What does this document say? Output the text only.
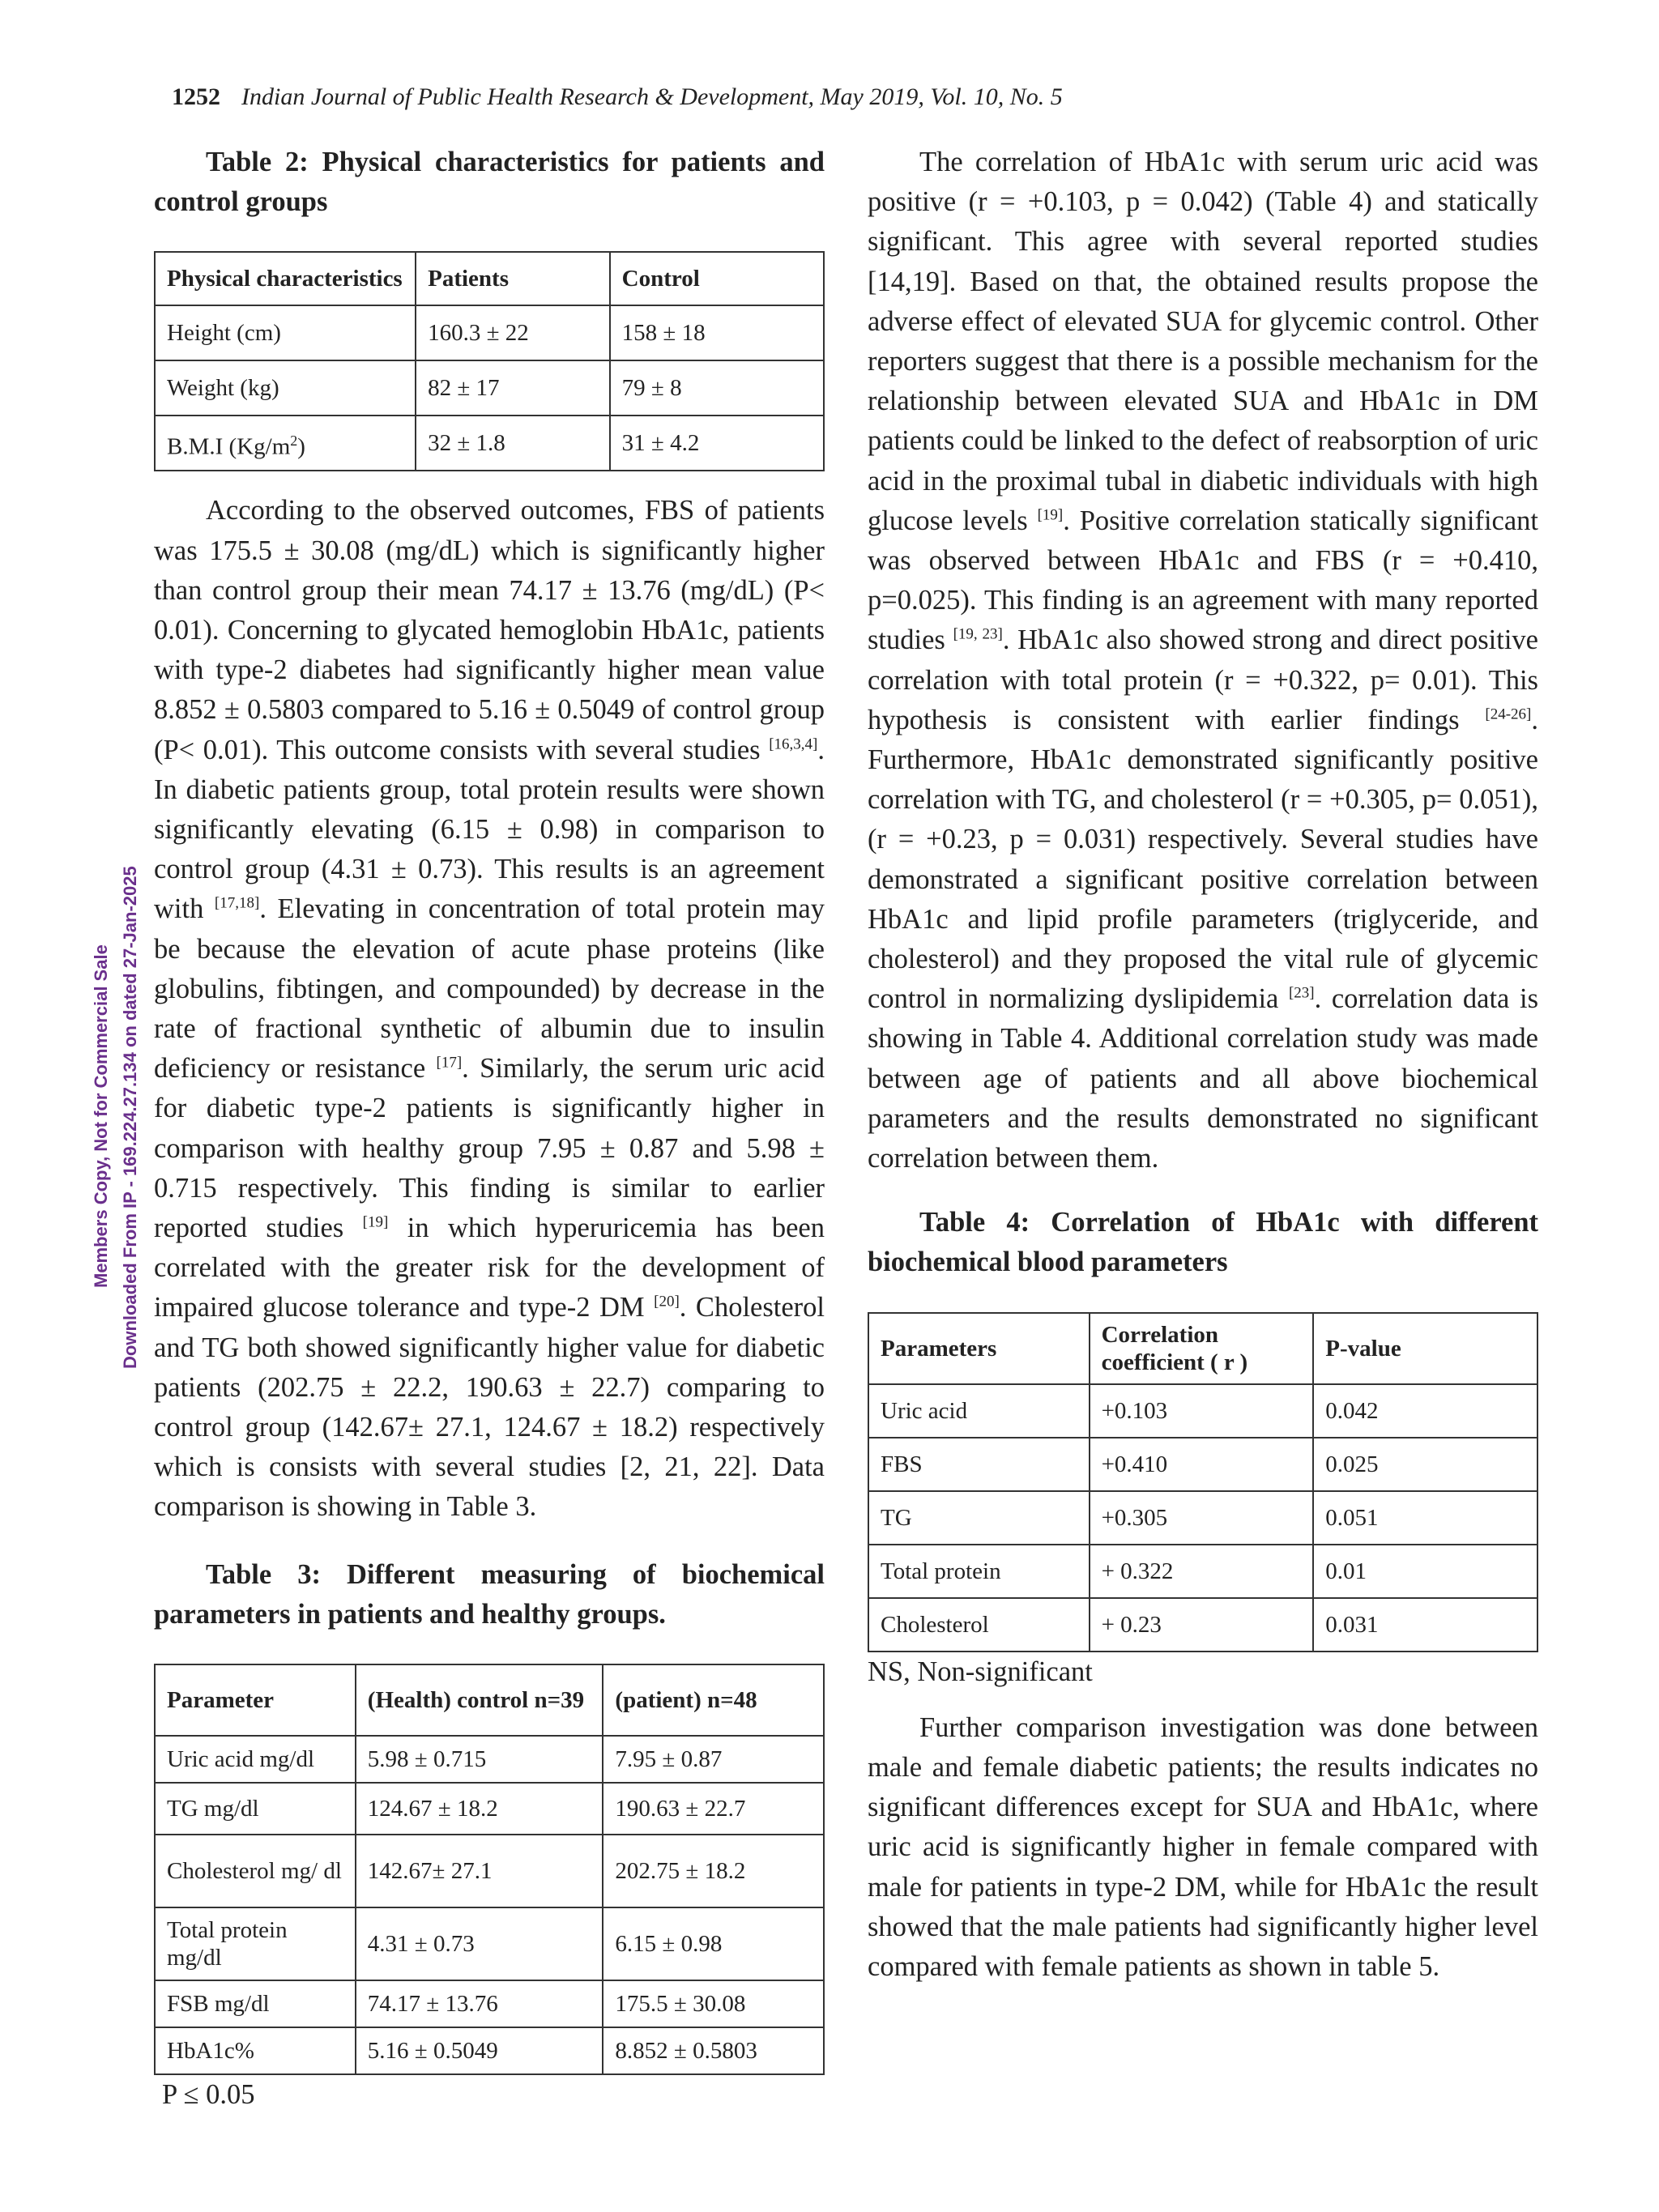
1252 Indian Journal of Public Health Research & Development, May 2019, Vol. 10, No. 5
Members Copy, Not for Commercial Sale Downloaded From IP - 169.224.27.134 on dated 27-Jan-2025

Table 2: Physical characteristics for patients and control groups

Physical characteristics	Patients	Control
Height (cm)	160.3 ± 22	158 ± 18
Weight (kg)	82 ± 17	79 ± 8
B.M.I $(Kg/m^2)$	32 ± 1.8	31 ± 4.2

According to the observed outcomes, FBS of patients was 175.5 ± 30.08 (mg/dL) which is significantly higher than control group their mean 74.17 ± 13.76 (mg/dL) (P< 0.01). Concerning to glycated hemoglobin HbA1c, patients with type-2 diabetes had significantly higher mean value 8.852 ± 0.5803 compared to 5.16 ± 0.5049 of control group (P< 0.01). This outcome consists with several studies [16,3,4]. In diabetic patients group, total protein results were shown significantly elevating (6.15 ± 0.98) in comparison to control group (4.31 ± 0.73). This results is an agreement with [17,18]. Elevating in concentration of total protein may be because the elevation of acute phase proteins (like globulins, fibtingen, and compounded) by decrease in the rate of fractional synthetic of albumin due to insulin deficiency or resistance [17]. Similarly, the serum uric acid for diabetic type-2 patients is significantly higher in comparison with healthy group 7.95 ± 0.87 and 5.98 ± 0.715 respectively. This finding is similar to earlier reported studies [19] in which hyperuricemia has been correlated with the greater risk for the development of impaired glucose tolerance and type-2 DM [20]. Cholesterol and TG both showed significantly higher value for diabetic patients (202.75 ± 22.2, 190.63 ± 22.7) comparing to control group (142.67± 27.1, 124.67 ± 18.2) respectively which is consists with several studies [2, 21, 22]. Data comparison is showing in Table 3.

Table 3: Different measuring of biochemical parameters in patients and healthy groups.

Parameter	(Health) control n=39	(patient) n=48
Uric acid mg/dl	5.98 ± 0.715	7.95 ± 0.87
TG mg/dl	124.67 ± 18.2	190.63 ± 22.7
Cholesterol mg/ dl	142.67± 27.1	202.75 ± 18.2
Total protein mg/dl	4.31 ± 0.73	6.15 ± 0.98
FSB mg/dl	74.17 ± 13.76	175.5 ± 30.08
HbA1c%	5.16 ± 0.5049	8.852 ± 0.5803

P ≤ 0.05

The correlation of HbA1c with serum uric acid was positive (r = +0.103, p = 0.042) (Table 4) and statically significant. This agree with several reported studies [14,19]. Based on that, the obtained results propose the adverse effect of elevated SUA for glycemic control. Other reporters suggest that there is a possible mechanism for the relationship between elevated SUA and HbA1c in DM patients could be linked to the defect of reabsorption of uric acid in the proximal tubal in diabetic individuals with high glucose levels [19]. Positive correlation statically significant was observed between HbA1c and FBS (r = +0.410, p=0.025). This finding is an agreement with many reported studies [19, 23]. HbA1c also showed strong and direct positive correlation with total protein (r = +0.322, p= 0.01). This hypothesis is consistent with earlier findings [24-26]. Furthermore, HbA1c demonstrated significantly positive correlation with TG, and cholesterol (r = +0.305, p= 0.051), (r = +0.23, p = 0.031) respectively. Several studies have demonstrated a significant positive correlation between HbA1c and lipid profile parameters (triglyceride, and cholesterol) and they proposed the vital rule of glycemic control in normalizing dyslipidemia [23]. correlation data is showing in Table 4. Additional correlation study was made between age of patients and all above biochemical parameters and the results demonstrated no significant correlation between them.

Table 4: Correlation of HbA1c with different biochemical blood parameters

Parameters	Correlation coefficient ( r )	P-value
Uric acid	+0.103	0.042
FBS	+0.410	0.025
TG	+0.305	0.051
Total protein	+ 0.322	0.01
Cholesterol	+ 0.23	0.031

NS, Non-significant

Further comparison investigation was done between male and female diabetic patients; the results indicates no significant differences except for SUA and HbA1c, where uric acid is significantly higher in female compared with male for patients in type-2 DM, while for HbA1c the result showed that the male patients had significantly higher level compared with female patients as shown in table 5.
